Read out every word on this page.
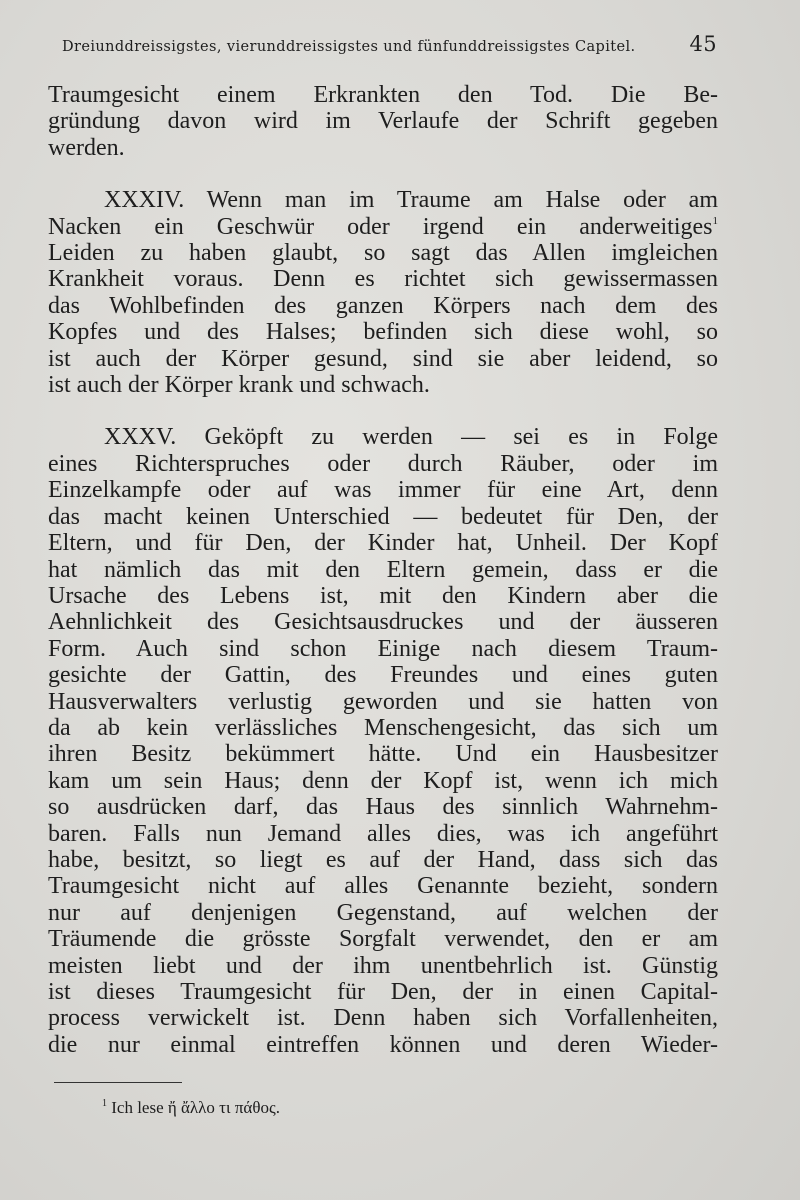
Dreiunddreissigstes, vierunddreissigstes und fünfunddreissigstes Capitel.	45
Traumgesicht einem Erkrankten den Tod. Die Be-
gründung davon wird im Verlaufe der Schrift gegeben
werden.
XXXIV. Wenn man im Traume am Halse oder am
Nacken ein Geschwür oder irgend ein anderweitiges$^1$
Leiden zu haben glaubt, so sagt das Allen imgleichen
Krankheit voraus. Denn es richtet sich gewissermassen
das Wohlbefinden des ganzen Körpers nach dem des
Kopfes und des Halses; befinden sich diese wohl, so
ist auch der Körper gesund, sind sie aber leidend, so
ist auch der Körper krank und schwach.
XXXV. Geköpft zu werden — sei es in Folge
eines Richterspruches oder durch Räuber, oder im
Einzelkampfe oder auf was immer für eine Art, denn
das macht keinen Unterschied — bedeutet für Den, der
Eltern, und für Den, der Kinder hat, Unheil. Der Kopf
hat nämlich das mit den Eltern gemein, dass er die
Ursache des Lebens ist, mit den Kindern aber die
Aehnlichkeit des Gesichtsausdruckes und der äusseren
Form. Auch sind schon Einige nach diesem Traum-
gesichte der Gattin, des Freundes und eines guten
Hausverwalters verlustig geworden und sie hatten von
da ab kein verlässliches Menschengesicht, das sich um
ihren Besitz bekümmert hätte. Und ein Hausbesitzer
kam um sein Haus; denn der Kopf ist, wenn ich mich
so ausdrücken darf, das Haus des sinnlich Wahrnehm-
baren. Falls nun Jemand alles dies, was ich angeführt
habe, besitzt, so liegt es auf der Hand, dass sich das
Traumgesicht nicht auf alles Genannte bezieht, sondern
nur auf denjenigen Gegenstand, auf welchen der
Träumende die grösste Sorgfalt verwendet, den er am
meisten liebt und der ihm unentbehrlich ist. Günstig
ist dieses Traumgesicht für Den, der in einen Capital-
process verwickelt ist. Denn haben sich Vorfallenheiten,
die nur einmal eintreffen können und deren Wieder-
$^1$ Ich lese ἤ ἄλλο τι πάθος.
